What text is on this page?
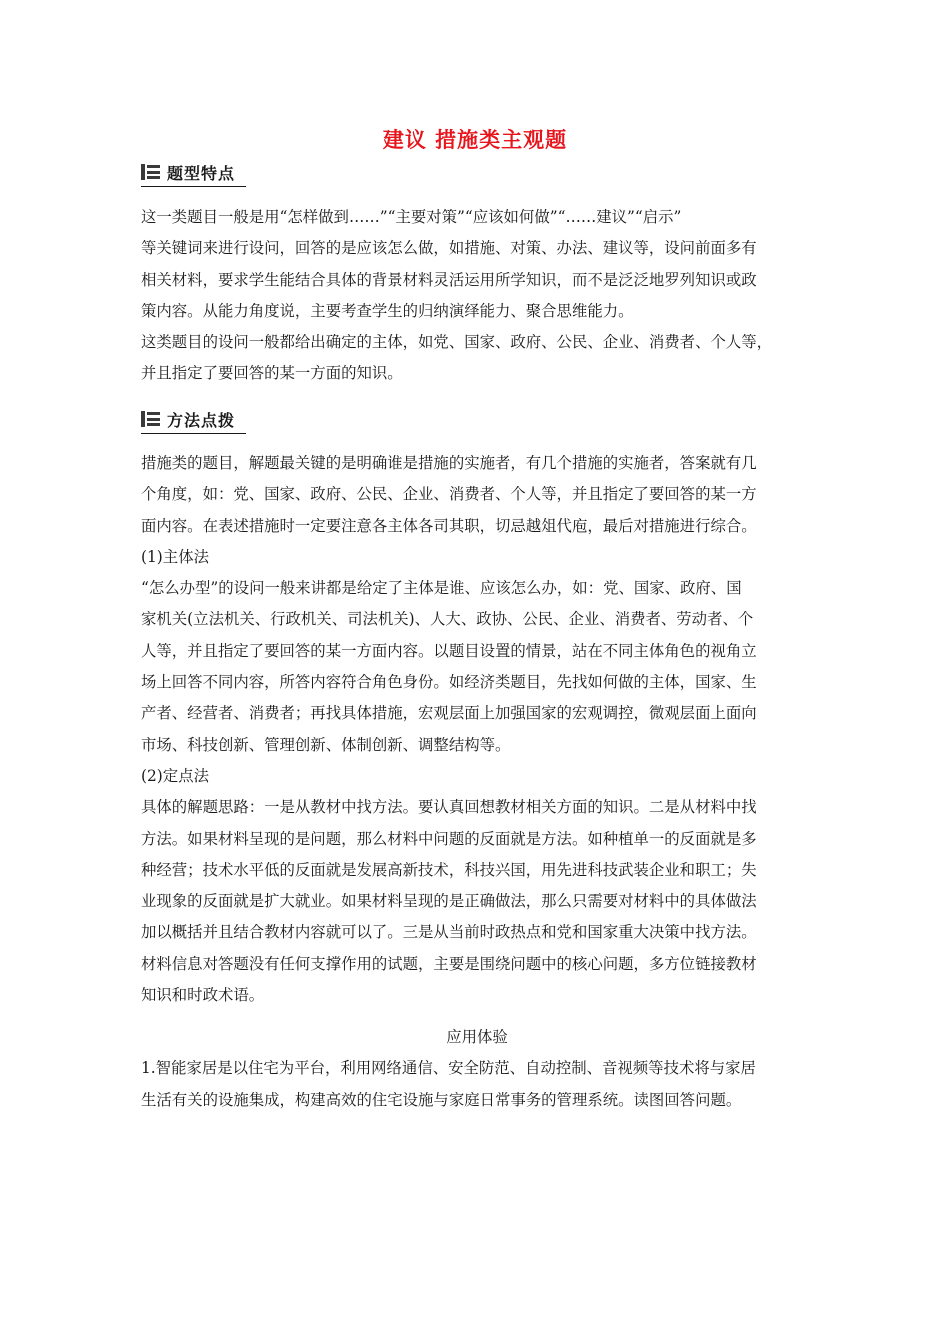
建议 措施类主观题
题型特点
这一类题目一般是用“怎样做到……”“主要对策”“应该如何做”“……建议”“启示”
等关键词来进行设问，回答的是应该怎么做，如措施、对策、办法、建议等，设问前面多有
相关材料，要求学生能结合具体的背景材料灵活运用所学知识，而不是泛泛地罗列知识或政
策内容。从能力角度说，主要考查学生的归纳演绎能力、聚合思维能力。
这类题目的设问一般都给出确定的主体，如党、国家、政府、公民、企业、消费者、个人等，
并且指定了要回答的某一方面的知识。
方法点拨
措施类的题目，解题最关键的是明确谁是措施的实施者，有几个措施的实施者，答案就有几
个角度，如：党、国家、政府、公民、企业、消费者、个人等，并且指定了要回答的某一方
面内容。在表述措施时一定要注意各主体各司其职，切忌越俎代庖，最后对措施进行综合。
(1)主体法
“怎么办型”的设问一般来讲都是给定了主体是谁、应该怎么办，如：党、国家、政府、国
家机关(立法机关、行政机关、司法机关)、人大、政协、公民、企业、消费者、劳动者、个
人等，并且指定了要回答的某一方面内容。以题目设置的情景，站在不同主体角色的视角立
场上回答不同内容，所答内容符合角色身份。如经济类题目，先找如何做的主体，国家、生
产者、经营者、消费者；再找具体措施，宏观层面上加强国家的宏观调控，微观层面上面向
市场、科技创新、管理创新、体制创新、调整结构等。
(2)定点法
具体的解题思路：一是从教材中找方法。要认真回想教材相关方面的知识。二是从材料中找
方法。如果材料呈现的是问题，那么材料中问题的反面就是方法。如种植单一的反面就是多
种经营；技术水平低的反面就是发展高新技术，科技兴国，用先进科技武装企业和职工；失
业现象的反面就是扩大就业。如果材料呈现的是正确做法，那么只需要对材料中的具体做法
加以概括并且结合教材内容就可以了。三是从当前时政热点和党和国家重大决策中找方法。
材料信息对答题没有任何支撑作用的试题，主要是围绕问题中的核心问题，多方位链接教材
知识和时政术语。
应用体验
1.智能家居是以住宅为平台，利用网络通信、安全防范、自动控制、音视频等技术将与家居
生活有关的设施集成，构建高效的住宅设施与家庭日常事务的管理系统。读图回答问题。
